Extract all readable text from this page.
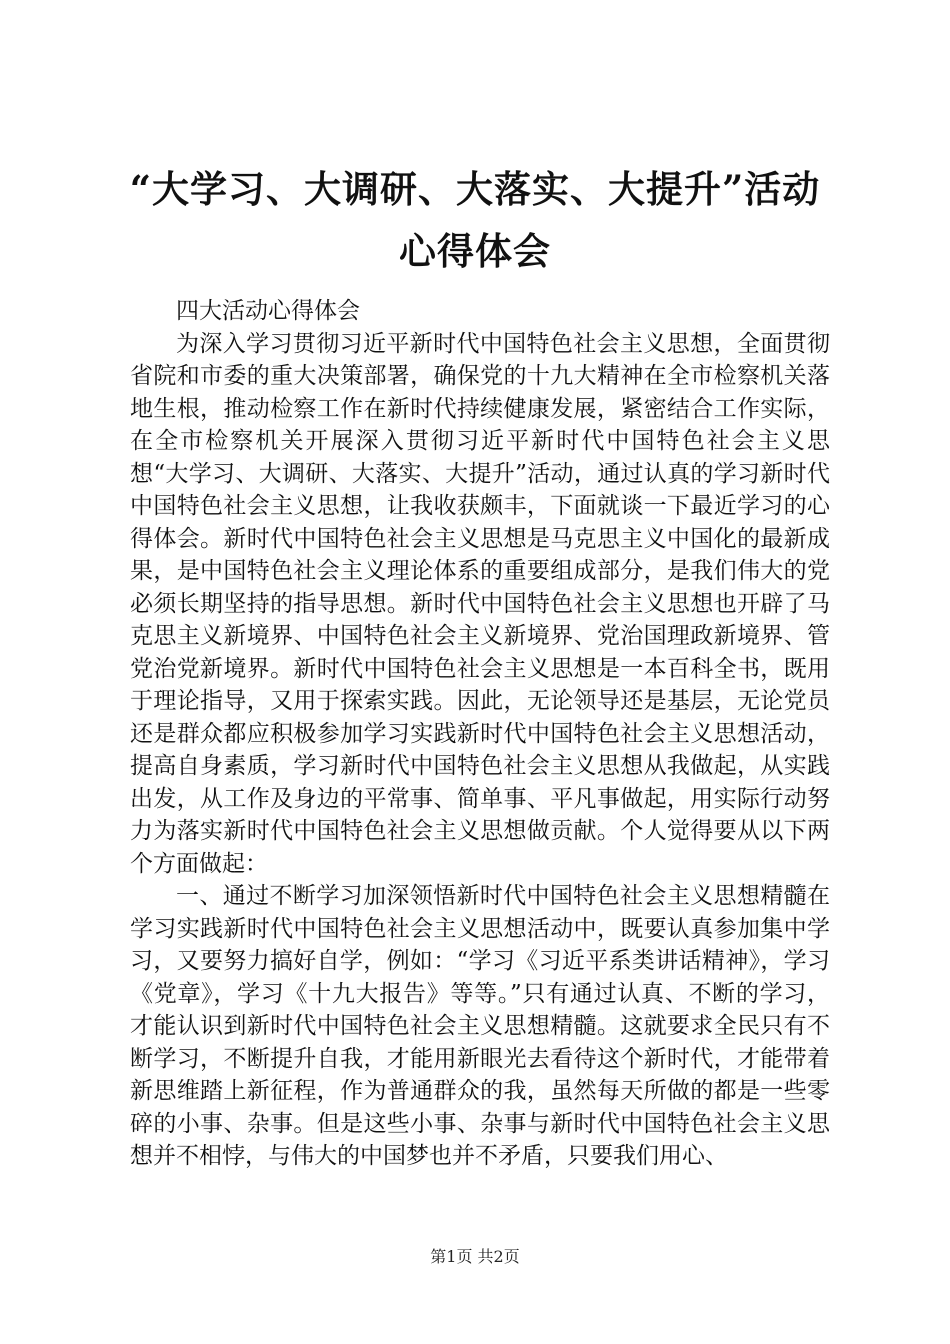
“大学习、大调研、大落实、大提升”活动心得体会

四大活动心得体会

为深入学习贯彻习近平新时代中国特色社会主义思想，全面贯彻省院和市委的重大决策部署，确保党的十九大精神在全市检察机关落地生根，推动检察工作在新时代持续健康发展，紧密结合工作实际，在全市检察机关开展深入贯彻习近平新时代中国特色社会主义思想“大学习、大调研、大落实、大提升”活动，通过认真的学习新时代中国特色社会主义思想，让我收获颇丰，下面就谈一下最近学习的心得体会。新时代中国特色社会主义思想是马克思主义中国化的最新成果，是中国特色社会主义理论体系的重要组成部分，是我们伟大的党必须长期坚持的指导思想。新时代中国特色社会主义思想也开辟了马克思主义新境界、中国特色社会主义新境界、党治国理政新境界、管党治党新境界。新时代中国特色社会主义思想是一本百科全书，既用于理论指导，又用于探索实践。因此，无论领导还是基层，无论党员还是群众都应积极参加学习实践新时代中国特色社会主义思想活动，提高自身素质，学习新时代中国特色社会主义思想从我做起，从实践出发，从工作及身边的平常事、简单事、平凡事做起，用实际行动努力为落实新时代中国特色社会主义思想做贡献。个人觉得要从以下两个方面做起：

一、通过不断学习加深领悟新时代中国特色社会主义思想精髓在学习实践新时代中国特色社会主义思想活动中，既要认真参加集中学习，又要努力搞好自学，例如：“学习《习近平系类讲话精神》，学习《党章》，学习《十九大报告》等等。”只有通过认真、不断的学习，才能认识到新时代中国特色社会主义思想精髓。这就要求全民只有不断学习，不断提升自我，才能用新眼光去看待这个新时代，才能带着新思维踏上新征程，作为普通群众的我，虽然每天所做的都是一些零碎的小事、杂事。但是这些小事、杂事与新时代中国特色社会主义思想并不相悖，与伟大的中国梦也并不矛盾，只要我们用心、

第1页 共2页
